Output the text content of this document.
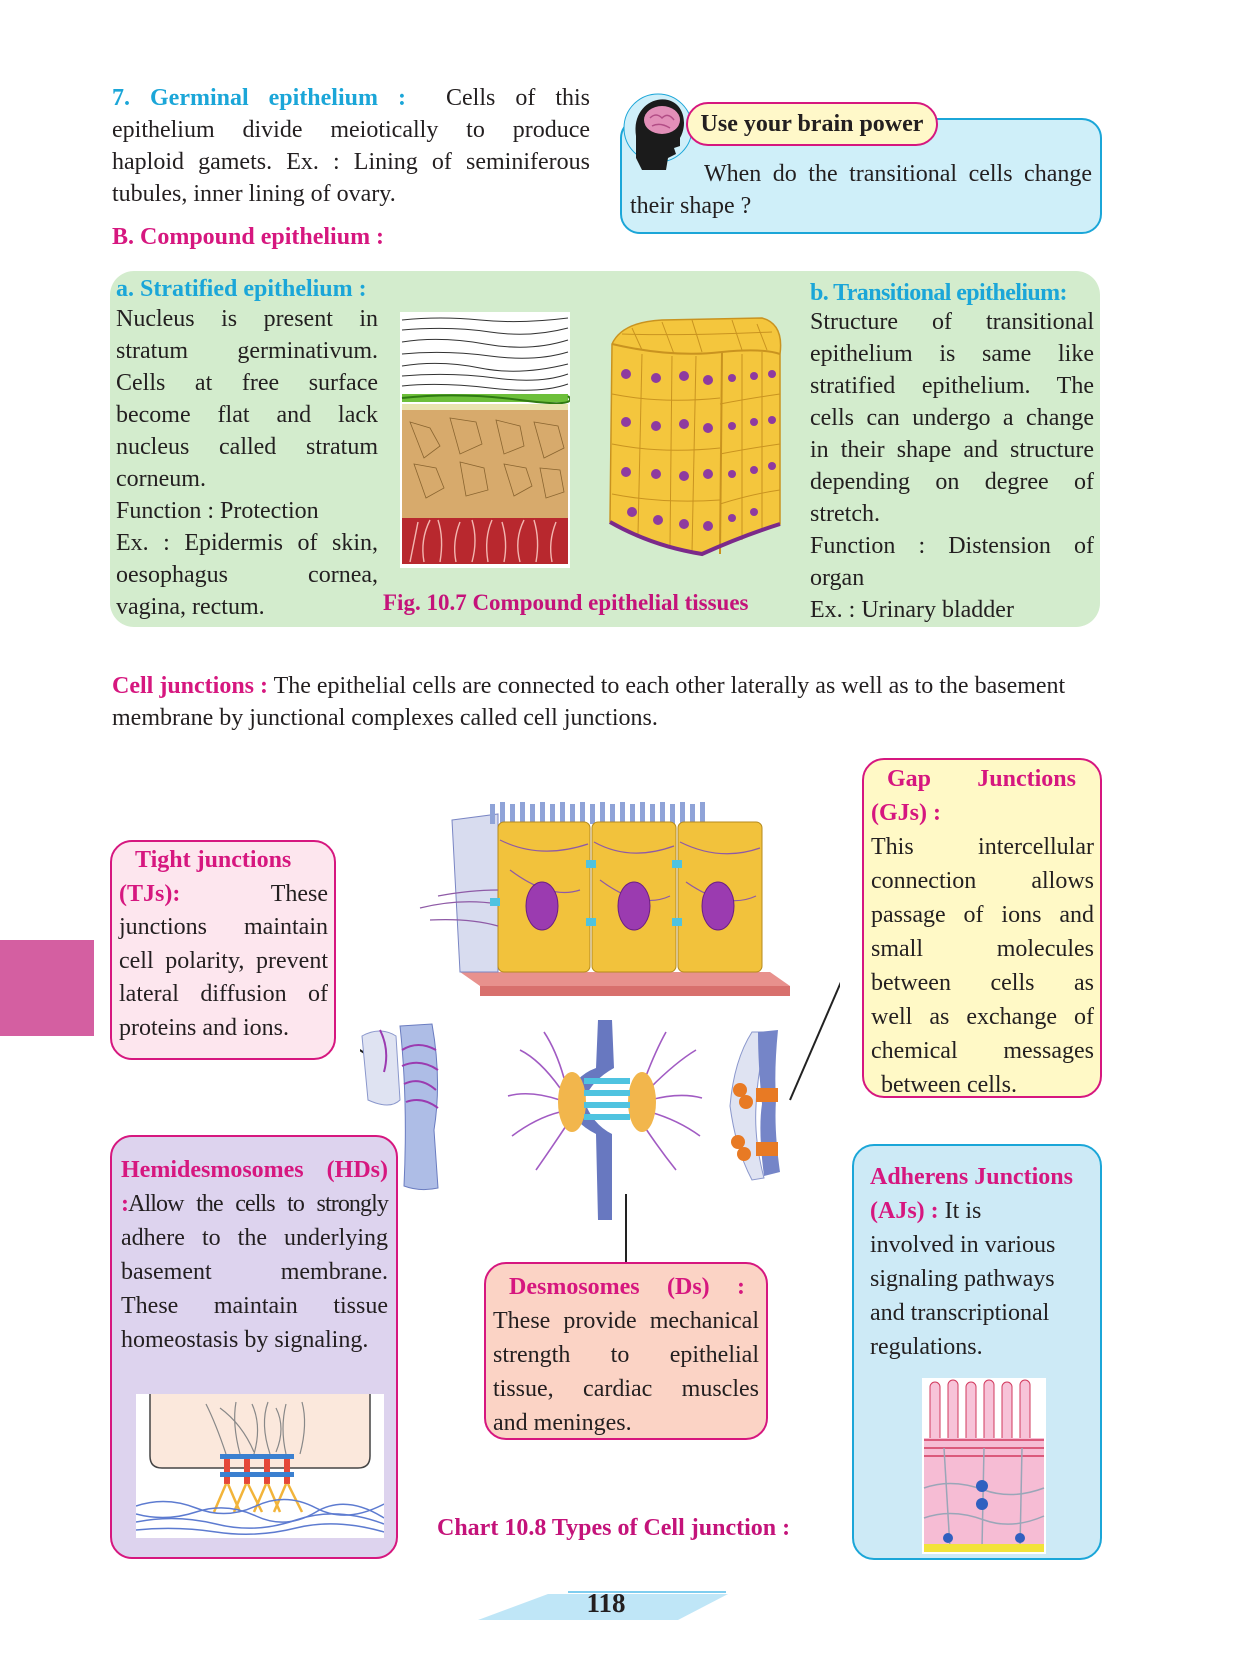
7. Germinal epithelium : Cells of this
epithelium divide meiotically to produce
haploid gamets. Ex. : Lining of seminiferous
tubules, inner lining of ovary.
Use your brain power
When do the transitional cells change their shape ?
B. Compound epithelium :
a. Stratified epithelium :
Nucleus is present in
stratum germinativum.
Cells at free surface
become flat and lack
nucleus called stratum
corneum.
Function : Protection
Ex. : Epidermis of skin,
oesophagus cornea,
vagina, rectum.	Fig. 10.7 Compound epithelial tissues
b. Transitional epithelium:
Structure of transitional
epithelium is same like
stratified epithelium. The
cells can undergo a change
in their shape and structure
depending on degree of
stretch.
Function : Distension of
organ
Ex. : Urinary bladder
Cell junctions : The epithelial cells are connected to each other laterally as well as to the basement membrane by junctional complexes called cell junctions.
Tight junctions
(TJs):	These
junctions maintain
cell polarity, prevent
lateral diffusion of
proteins and ions.
Gap Junctions
(GJs) :
This intercellular
connection allows
passage of ions and
small molecules
between cells as
well as exchange of
chemical messages
between cells.
Hemidesmosomes (HDs)
:Allow the cells to strongly
adhere to the underlying
basement membrane.
These maintain tissue
homeostasis by signaling.
Desmosomes (Ds) :
These provide mechanical
strength to epithelial
tissue, cardiac muscles
and meninges.
Adherens Junctions
(AJs) : It is
involved in various
signaling pathways
and transcriptional
regulations.
Chart 10.8 Types of Cell junction :
118
